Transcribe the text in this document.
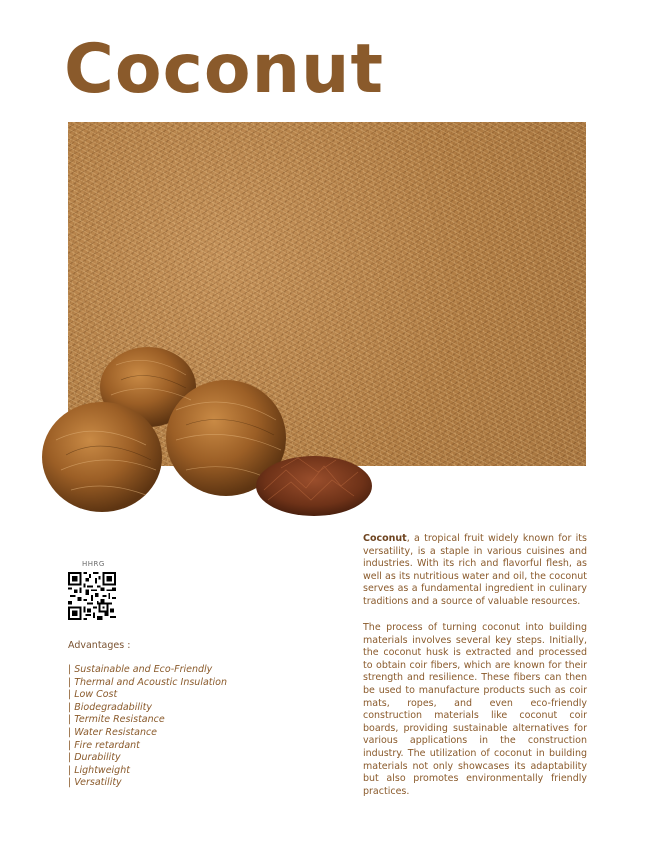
Coconut
HHRG
Advantages :
| Sustainable and Eco-Friendly
| Thermal and Acoustic Insulation
| Low Cost
| Biodegradability
| Termite Resistance
| Water Resistance
| Fire retardant
| Durability
| Lightweight
| Versatility

Coconut, a tropical fruit widely known for its versatility, is a staple in various cuisines and industries. With its rich and flavorful flesh, as well as its nutritious water and oil, the coconut serves as a fundamental ingredient in culinary traditions and a source of valuable resources.

The process of turning coconut into building materials involves several key steps. Initially, the coconut husk is extracted and processed to obtain coir fibers, which are known for their strength and resilience. These fibers can then be used to manufacture products such as coir mats, ropes, and even eco-friendly construction materials like coconut coir boards, providing sustainable alternatives for various applications in the construction industry. The utilization of coconut in building materials not only showcases its adaptability but also promotes environmentally friendly practices.
